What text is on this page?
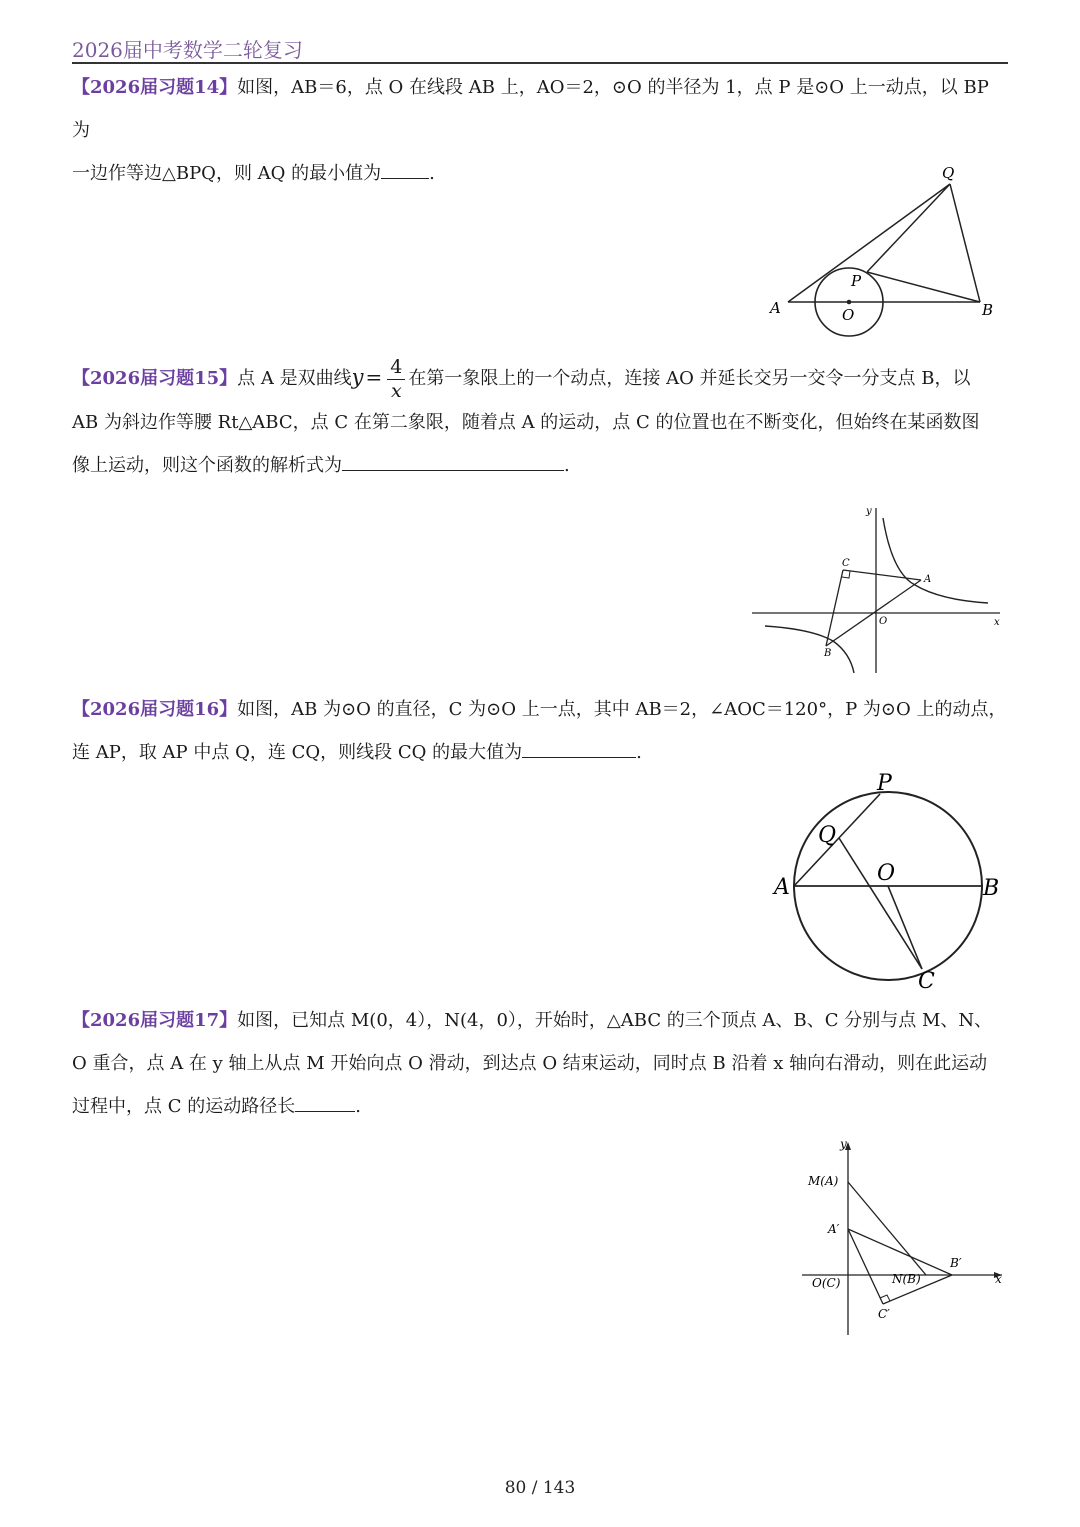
2026届中考数学二轮复习
【2026届习题14】如图，AB＝6，点 O 在线段 AB 上，AO＝2，⊙O 的半径为 1，点 P 是⊙O 上一动点，以 BP 为
一边作等边△BPQ，则 AQ 的最小值为	.	Q
P
A	O	B
【2026届习题15】点 A 是双曲线$y = \frac{4}{x}$ 在第一象限上的一个动点，连接 AO 并延长交另一交令一分支点 B，以
AB 为斜边作等腰 Rt△ABC，点 C 在第二象限，随着点 A 的运动，点 C 的位置也在不断变化，但始终在某函数图
像上运动，则这个函数的解析式为	.
y
x
C
A
O
B
【2026届习题16】如图，AB 为⊙O 的直径，C 为⊙O 上一点，其中 AB＝2，∠AOC＝120°，P 为⊙O 上的动点，
连 AP，取 AP 中点 Q，连 CQ，则线段 CQ 的最大值为	.
P
Q
O
A	B
C
【2026届习题17】如图，已知点 M(0，4），N(4，0），开始时，△ABC 的三个顶点 A、B、C 分别与点 M、N、
O 重合，点 A 在 y 轴上从点 M 开始向点 O 滑动，到达点 O 结束运动，同时点 B 沿着 x 轴向右滑动，则在此运动
过程中，点 C 的运动路径长	.
y
x
M(A)
A′
O(C)	N(B)
B′
C′
80 / 143
